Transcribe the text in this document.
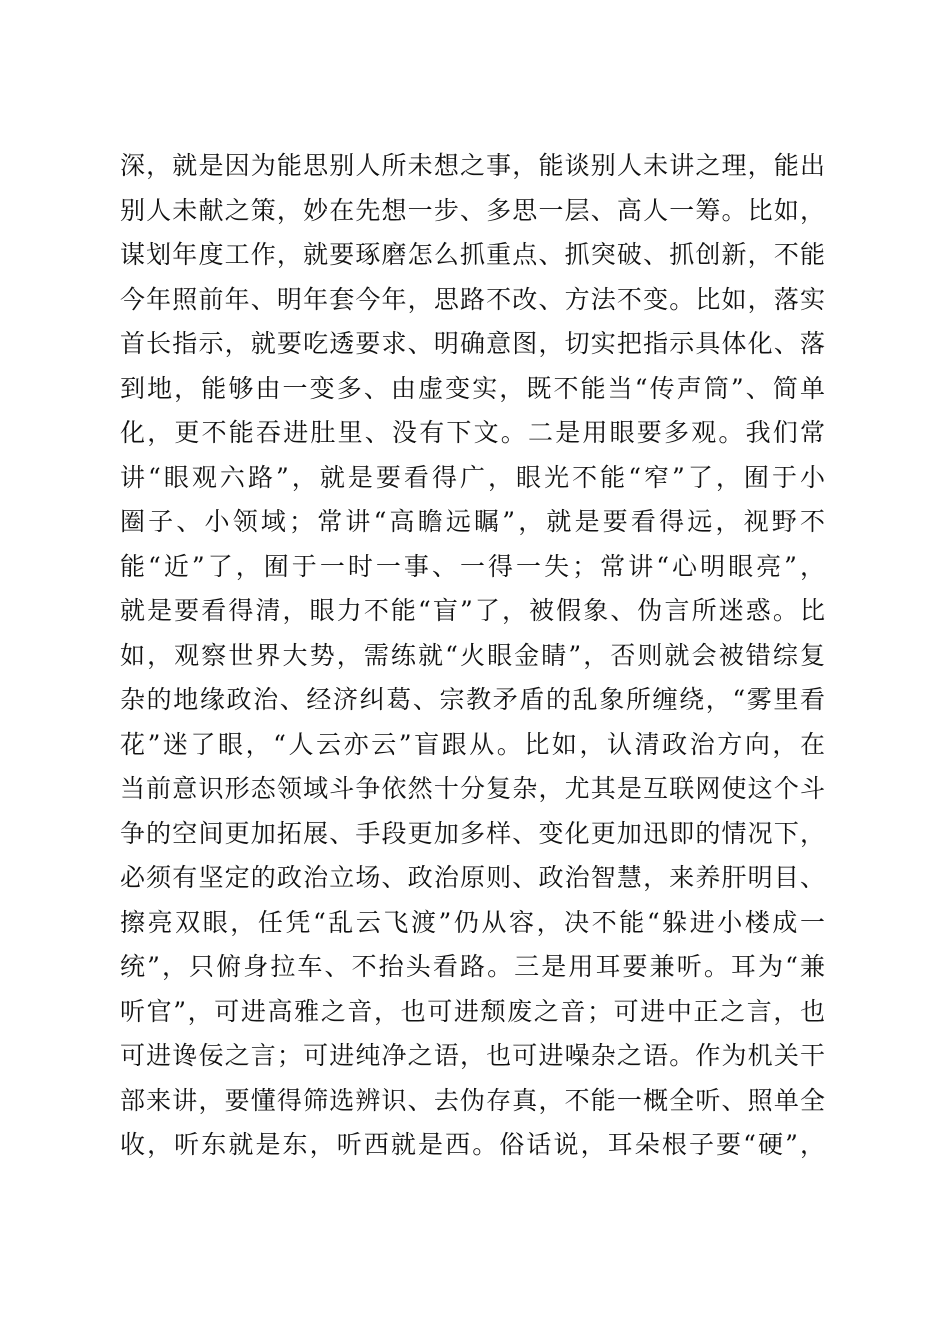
深，就是因为能思别人所未想之事，能谈别人未讲之理，能出
别人未献之策，妙在先想一步、多思一层、高人一筹。比如，
谋划年度工作，就要琢磨怎么抓重点、抓突破、抓创新，不能
今年照前年、明年套今年，思路不改、方法不变。比如，落实
首长指示，就要吃透要求、明确意图，切实把指示具体化、落
到地，能够由一变多、由虚变实，既不能当“传声筒”、简单
化，更不能吞进肚里、没有下文。二是用眼要多观。我们常
讲“眼观六路”，就是要看得广，眼光不能“窄”了，囿于小
圈子、小领域；常讲“高瞻远瞩”，就是要看得远，视野不
能“近”了，囿于一时一事、一得一失；常讲“心明眼亮”，
就是要看得清，眼力不能“盲”了，被假象、伪言所迷惑。比
如，观察世界大势，需练就“火眼金睛”，否则就会被错综复
杂的地缘政治、经济纠葛、宗教矛盾的乱象所缠绕，“雾里看
花”迷了眼，“人云亦云”盲跟从。比如，认清政治方向，在
当前意识形态领域斗争依然十分复杂，尤其是互联网使这个斗
争的空间更加拓展、手段更加多样、变化更加迅即的情况下，
必须有坚定的政治立场、政治原则、政治智慧，来养肝明目、
擦亮双眼，任凭“乱云飞渡”仍从容，决不能“躲进小楼成一
统”，只俯身拉车、不抬头看路。三是用耳要兼听。耳为“兼
听官”，可进高雅之音，也可进颓废之音；可进中正之言，也
可进谗佞之言；可进纯净之语，也可进噪杂之语。作为机关干
部来讲，要懂得筛选辨识、去伪存真，不能一概全听、照单全
收，听东就是东，听西就是西。俗话说，耳朵根子要“硬”，
